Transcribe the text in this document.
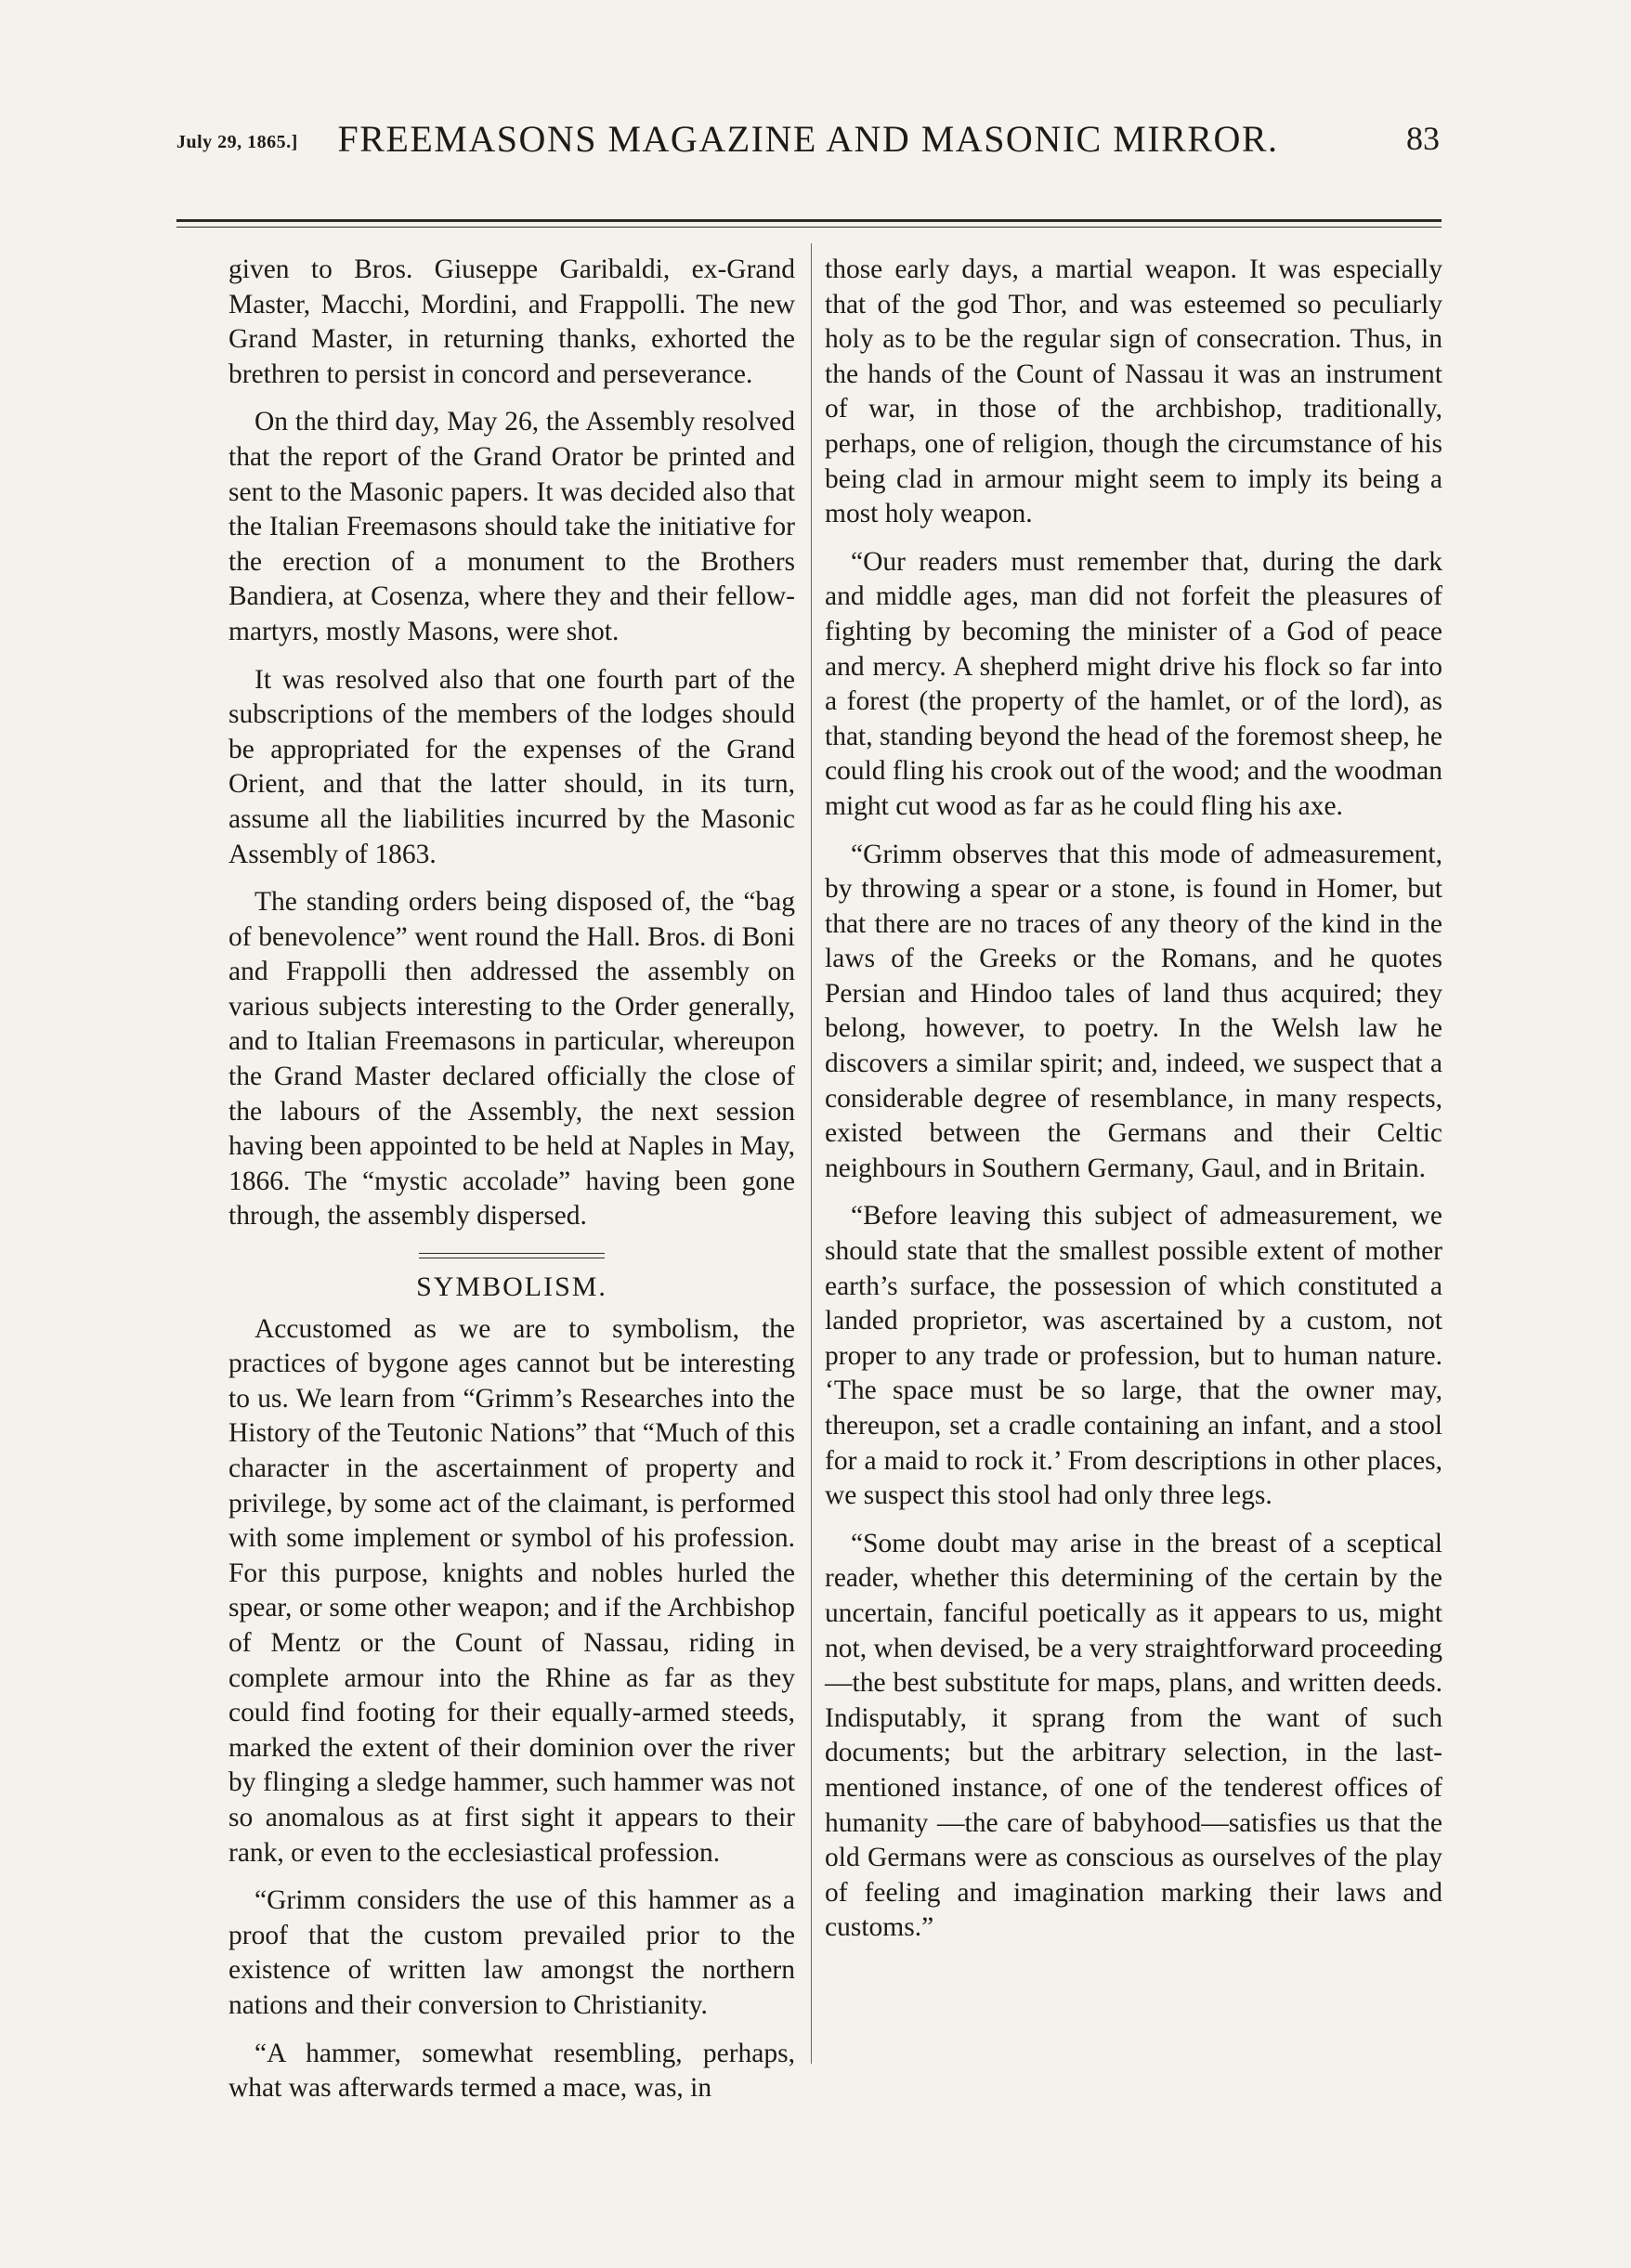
July 29, 1865.]	FREEMASONS MAGAZINE AND MASONIC MIRROR.	83

given to Bros. Giuseppe Garibaldi, ex-Grand Master, Macchi, Mordini, and Frappolli. The new Grand Master, in returning thanks, exhorted the brethren to persist in concord and perseverance.

On the third day, May 26, the Assembly resolved that the report of the Grand Orator be printed and sent to the Masonic papers. It was decided also that the Italian Freemasons should take the initiative for the erection of a monument to the Brothers Bandiera, at Cosenza, where they and their fellow-martyrs, mostly Masons, were shot.

It was resolved also that one fourth part of the subscriptions of the members of the lodges should be appropriated for the expenses of the Grand Orient, and that the latter should, in its turn, assume all the liabilities incurred by the Masonic Assembly of 1863.

The standing orders being disposed of, the “bag of benevolence” went round the Hall. Bros. di Boni and Frappolli then addressed the assembly on various subjects interesting to the Order generally, and to Italian Freemasons in particular, whereupon the Grand Master declared officially the close of the labours of the Assembly, the next session having been appointed to be held at Naples in May, 1866. The “mystic accolade” having been gone through, the assembly dispersed.

SYMBOLISM.

Accustomed as we are to symbolism, the practices of bygone ages cannot but be interesting to us. We learn from “Grimm’s Researches into the History of the Teutonic Nations” that “Much of this character in the ascertainment of property and privilege, by some act of the claimant, is performed with some implement or symbol of his profession. For this purpose, knights and nobles hurled the spear, or some other weapon; and if the Archbishop of Mentz or the Count of Nassau, riding in complete armour into the Rhine as far as they could find footing for their equally-armed steeds, marked the extent of their dominion over the river by flinging a sledge hammer, such hammer was not so anomalous as at first sight it appears to their rank, or even to the ecclesiastical profession.

“Grimm considers the use of this hammer as a proof that the custom prevailed prior to the existence of written law amongst the northern nations and their conversion to Christianity.

“A hammer, somewhat resembling, perhaps, what was afterwards termed a mace, was, in

those early days, a martial weapon. It was especially that of the god Thor, and was esteemed so peculiarly holy as to be the regular sign of consecration. Thus, in the hands of the Count of Nassau it was an instrument of war, in those of the archbishop, traditionally, perhaps, one of religion, though the circumstance of his being clad in armour might seem to imply its being a most holy weapon.

“Our readers must remember that, during the dark and middle ages, man did not forfeit the pleasures of fighting by becoming the minister of a God of peace and mercy. A shepherd might drive his flock so far into a forest (the property of the hamlet, or of the lord), as that, standing beyond the head of the foremost sheep, he could fling his crook out of the wood; and the woodman might cut wood as far as he could fling his axe.

“Grimm observes that this mode of admeasurement, by throwing a spear or a stone, is found in Homer, but that there are no traces of any theory of the kind in the laws of the Greeks or the Romans, and he quotes Persian and Hindoo tales of land thus acquired; they belong, however, to poetry. In the Welsh law he discovers a similar spirit; and, indeed, we suspect that a considerable degree of resemblance, in many respects, existed between the Germans and their Celtic neighbours in Southern Germany, Gaul, and in Britain.

“Before leaving this subject of admeasurement, we should state that the smallest possible extent of mother earth’s surface, the possession of which constituted a landed proprietor, was ascertained by a custom, not proper to any trade or profession, but to human nature. ‘The space must be so large, that the owner may, thereupon, set a cradle containing an infant, and a stool for a maid to rock it.’ From descriptions in other places, we suspect this stool had only three legs.

“Some doubt may arise in the breast of a sceptical reader, whether this determining of the certain by the uncertain, fanciful poetically as it appears to us, might not, when devised, be a very straightforward proceeding—the best substitute for maps, plans, and written deeds. Indisputably, it sprang from the want of such documents; but the arbitrary selection, in the last-mentioned instance, of one of the tenderest offices of humanity —the care of babyhood—satisfies us that the old Germans were as conscious as ourselves of the play of feeling and imagination marking their laws and customs.”
